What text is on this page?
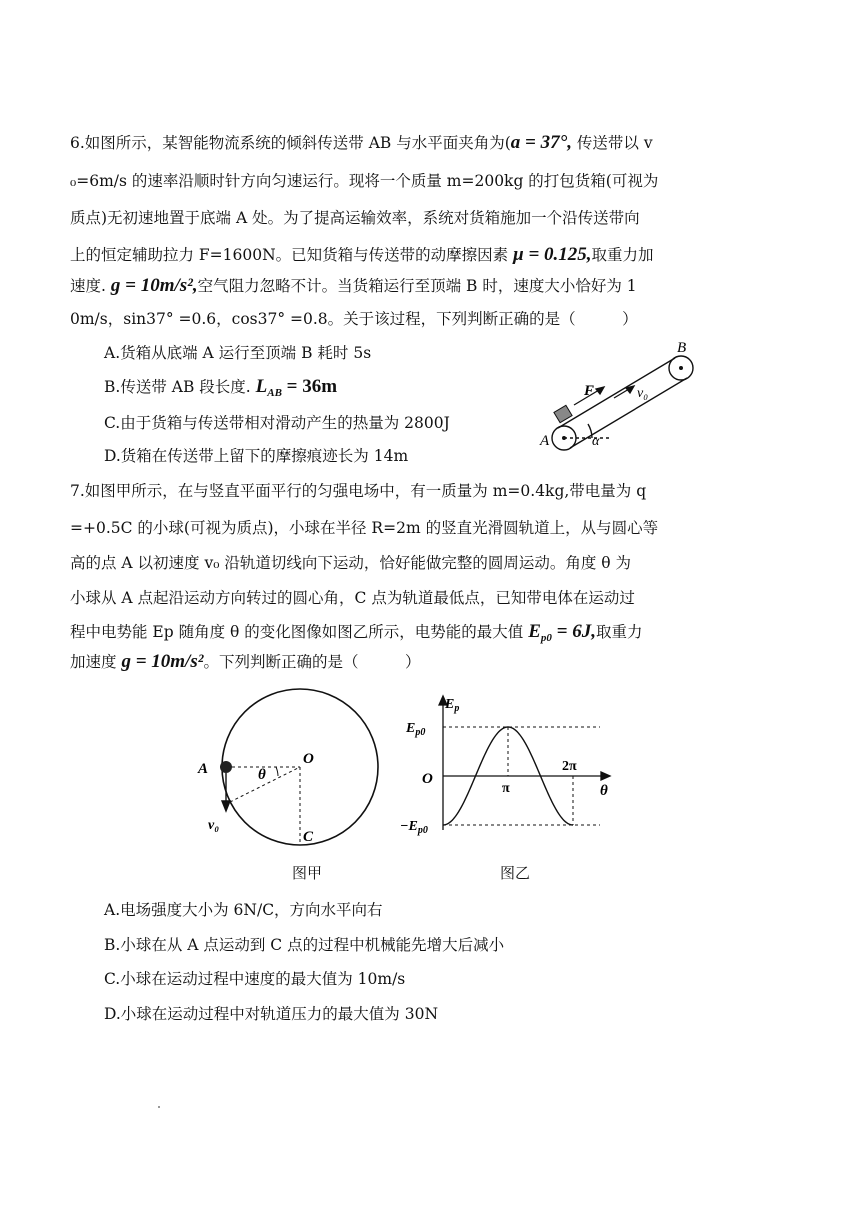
6.如图所示，某智能物流系统的倾斜传送带 AB 与水平面夹角为(a = 37°, 传送带以 v
₀=6m/s 的速率沿顺时针方向匀速运行。现将一个质量 m=200kg 的打包货箱(可视为
质点)无初速地置于底端 A 处。为了提高运输效率，系统对货箱施加一个沿传送带向
上的恒定辅助拉力 F=1600N。已知货箱与传送带的动摩擦因素 μ = 0.125,取重力加
速度. g = 10m/s²,空气阻力忽略不计。当货箱运行至顶端 B 时，速度大小恰好为 1
0m/s，sin37° =0.6，cos37° =0.8。关于该过程，下列判断正确的是（　　　）
A.货箱从底端 A 运行至顶端 B 耗时 5s
B.传送带 AB 段长度. $L_{AB} = 36m$
C.由于货箱与传送带相对滑动产生的热量为 2800J
D.货箱在传送带上留下的摩擦痕迹长为 14m
A
B
F	v₀
α
7.如图甲所示，在与竖直平面平行的匀强电场中，有一质量为 m=0.4kg,带电量为 q
=+0.5C 的小球(可视为质点)，小球在半径 R=2m 的竖直光滑圆轨道上，从与圆心等
高的点 A 以初速度 v₀ 沿轨道切线向下运动，恰好能做完整的圆周运动。角度 θ 为
小球从 A 点起沿运动方向转过的圆心角，C 点为轨道最低点，已知带电体在运动过
程中电势能 Ep 随角度 θ 的变化图像如图乙所示，电势能的最大值 $E_{p0} = 6J$,取重力
加速度 g = 10m/s²。下列判断正确的是（　　　）
A
O
C
θ
v₀
图甲
$E_p$
$E_{p0}$
$-E_{p0}$
O
π
2π
θ
图乙
A.电场强度大小为 6N/C，方向水平向右
B.小球在从 A 点运动到 C 点的过程中机械能先增大后减小
C.小球在运动过程中速度的最大值为 10m/s
D.小球在运动过程中对轨道压力的最大值为 30N
